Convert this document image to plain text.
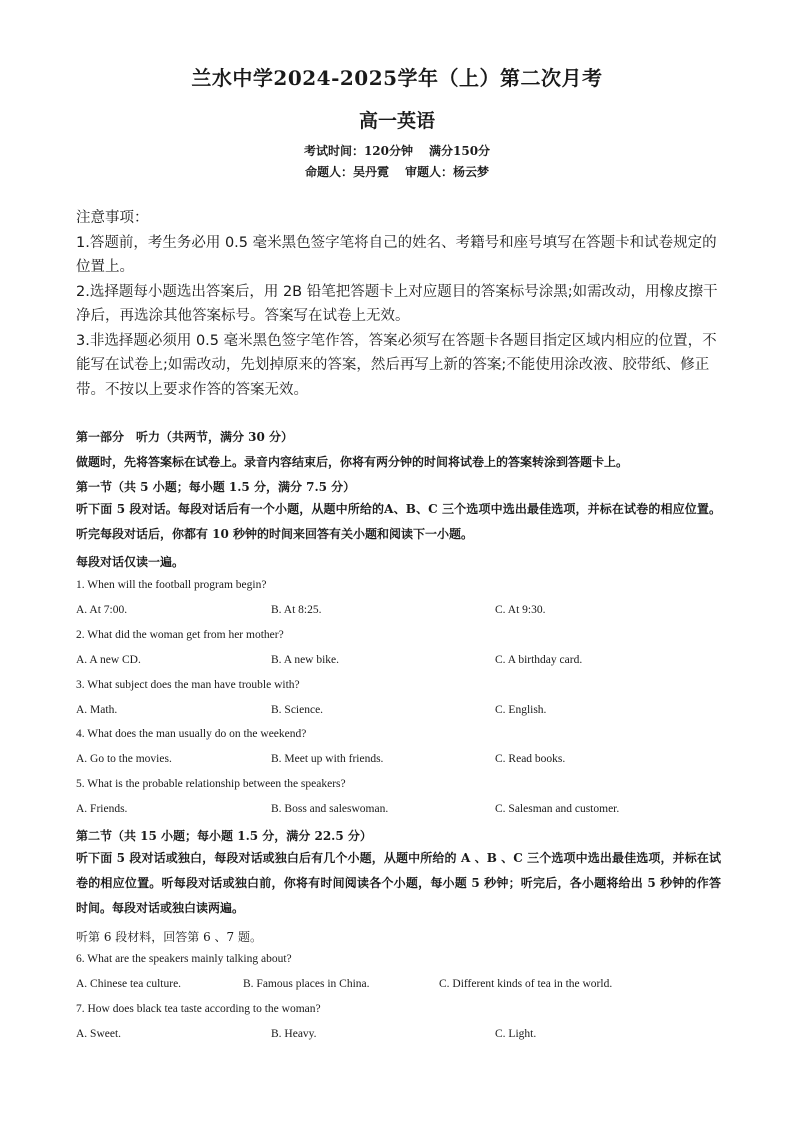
兰水中学2024-2025学年（上）第二次月考
高一英语
考试时间：120分钟 满分150分
命题人：吴丹霓 审题人：杨云梦

注意事项：

1.答题前，考生务必用 0.5 毫米黑色签字笔将自己的姓名、考籍号和座号填写在答题卡和试卷规定的位置上。

2.选择题每小题选出答案后，用 2B 铅笔把答题卡上对应题目的答案标号涂黑;如需改动，用橡皮擦干净后，再选涂其他答案标号。答案写在试卷上无效。

3.非选择题必须用 0.5 毫米黑色签字笔作答，答案必须写在答题卡各题目指定区域内相应的位置，不能写在试卷上;如需改动，先划掉原来的答案，然后再写上新的答案;不能使用涂改液、胶带纸、修正带。不按以上要求作答的答案无效。

第一部分　听力（共两节，满分 30 分）
做题时，先将答案标在试卷上。录音内容结束后，你将有两分钟的时间将试卷上的答案转涂到答题卡上。
第一节（共 5 小题；每小题 1.5 分，满分 7.5 分）
听下面 5 段对话。每段对话后有一个小题，从题中所给的A、B、C 三个选项中选出最佳选项，并标在试卷的相应位置。听完每段对话后，你都有 10 秒钟的时间来回答有关小题和阅读下一小题。
每段对话仅读一遍。
1. When will the football program begin?
A. At 7:00.	B. At 8:25.	C. At 9:30.
2. What did the woman get from her mother?
A. A new CD.	B. A new bike.	C. A birthday card.
3. What subject does the man have trouble with?
A. Math.	B. Science.	C. English.
4. What does the man usually do on the weekend?
A. Go to the movies.	B. Meet up with friends.	C. Read books.
5. What is the probable relationship between the speakers?
A. Friends.	B. Boss and saleswoman.	C. Salesman and customer.
第二节（共 15 小题；每小题 1.5 分，满分 22.5 分）
听下面 5 段对话或独白，每段对话或独白后有几个小题，从题中所给的 A 、B 、C 三个选项中选出最佳选项，并标在试卷的相应位置。听每段对话或独白前，你将有时间阅读各个小题，每小题 5 秒钟；听完后，各小题将给出 5 秒钟的作答时间。每段对话或独白读两遍。
听第 6 段材料，回答第 6 、7 题。
6. What are the speakers mainly talking about?
A. Chinese tea culture.	B. Famous places in China.	C. Different kinds of tea in the world.
7. How does black tea taste according to the woman?
A. Sweet.	B. Heavy.	C. Light.
